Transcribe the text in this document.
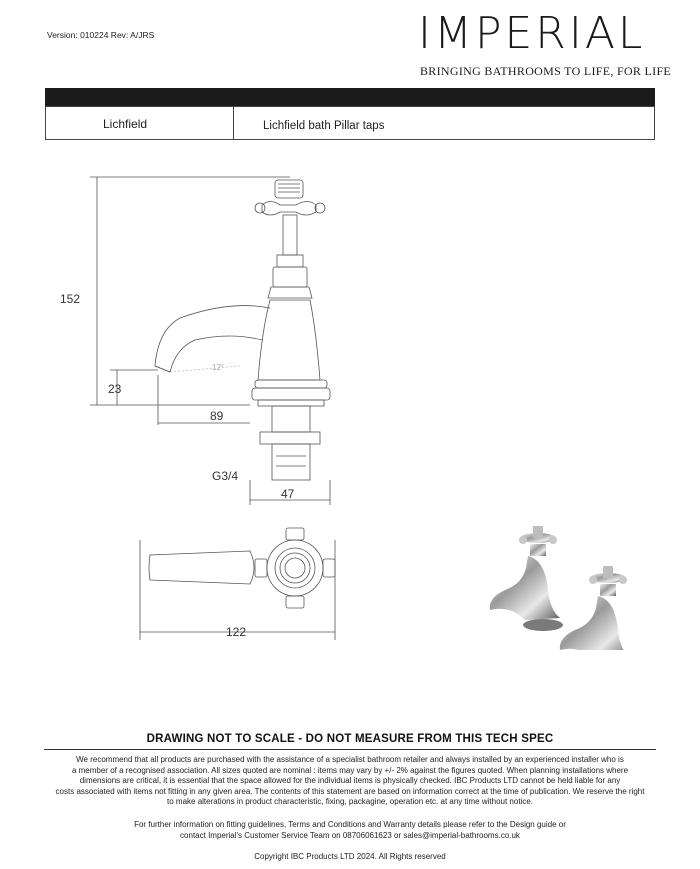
Version: 010224 Rev: A/JRS	IMPERIAL
BRINGING BATHROOMS TO LIFE, FOR LIFE
Lichfield	Lichfield bath Pillar taps
152
23
89
G3/4
47
122
12°
DRAWING NOT TO SCALE - DO NOT MEASURE FROM THIS TECH SPEC
We recommend that all products are purchased with the assistance of a specialist bathroom retailer and always installed by an experienced installer who is
a member of a recognised association. All sizes quoted are nominal : items may vary by +/- 2% against the figures quoted. When planning installations where
dimensions are critical, it is essential that the space allowed for the individual items is physically checked. IBC Products LTD cannot be held liable for any
costs associated with items not fitting in any given area. The contents of this statement are based on information correct at the time of publication. We reserve the right
to make alterations in product characteristic, fixing, packagine, operation etc. at any time without notice.
For further information on fitting guidelines, Terms and Conditions and Warranty details please refer to the Design guide or
contact Imperial's Customer Service Team on 08706061623 or sales@imperial-bathrooms.co.uk
Copyright IBC Products LTD 2024. All Rights reserved
